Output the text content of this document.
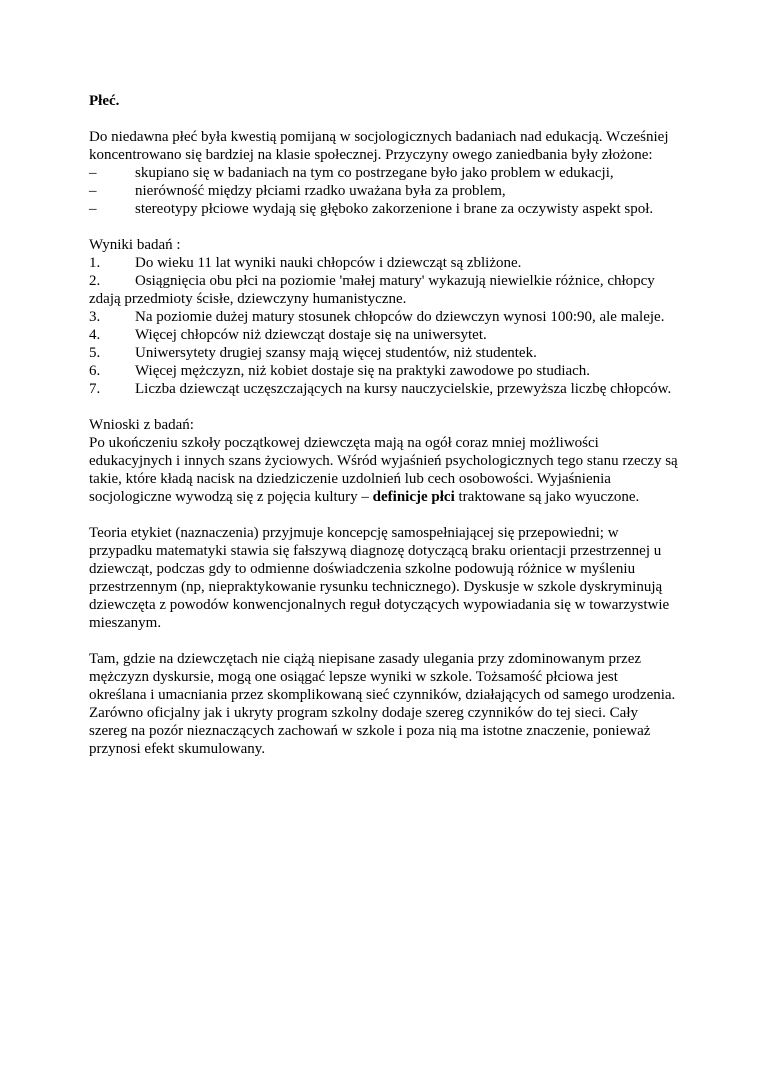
Płeć.

Do niedawna płeć była kwestią pomijaną w socjologicznych badaniach nad edukacją. Wcześniej koncentrowano się bardziej na klasie społecznej. Przyczyny owego zaniedbania były złożone:

–	skupiano się w badaniach na tym co postrzegane było jako problem w edukacji,
–	nierówność między płciami rzadko uważana była za problem,
–	stereotypy płciowe wydają się głęboko zakorzenione i brane za oczywisty aspekt społ.

Wyniki badań :

1. Do wieku 11 lat wyniki nauki chłopców i dziewcząt są zbliżone.
2. Osiągnięcia obu płci na poziomie 'małej matury' wykazują niewielkie różnice, chłopcy zdają przedmioty ścisłe, dziewczyny humanistyczne.
3. Na poziomie dużej matury stosunek chłopców do dziewczyn wynosi 100:90, ale maleje.
4. Więcej chłopców niż dziewcząt dostaje się na uniwersytet.
5. Uniwersytety drugiej szansy mają więcej studentów, niż studentek.
6. Więcej mężczyzn, niż kobiet dostaje się na praktyki zawodowe po studiach.
7. Liczba dziewcząt uczęszczających na kursy nauczycielskie, przewyższa liczbę chłopców.

Wnioski z badań:

Po ukończeniu szkoły początkowej dziewczęta mają na ogół coraz mniej możliwości edukacyjnych i innych szans życiowych. Wśród wyjaśnień psychologicznych tego stanu rzeczy są takie, które kładą nacisk na dziedziczenie uzdolnień lub cech osobowości. Wyjaśnienia socjologiczne wywodzą się z pojęcia kultury – definicje płci traktowane są jako wyuczone.

Teoria etykiet (naznaczenia) przyjmuje koncepcję samospełniającej się przepowiedni; w przypadku matematyki stawia się fałszywą diagnozę dotyczącą braku orientacji przestrzennej u dziewcząt, podczas gdy to odmienne doświadczenia szkolne podowują różnice w myśleniu przestrzennym (np, niepraktykowanie rysunku technicznego). Dyskusje w szkole dyskryminują dziewczęta z powodów konwencjonalnych reguł dotyczących wypowiadania się w towarzystwie mieszanym.

Tam, gdzie na dziewczętach nie ciążą niepisane zasady ulegania przy zdominowanym przez mężczyzn dyskursie, mogą one osiągać lepsze wyniki w szkole. Tożsamość płciowa jest określana i umacniania przez skomplikowaną sieć czynników, działających od samego urodzenia. Zarówno oficjalny jak i ukryty program szkolny dodaje szereg czynników do tej sieci. Cały szereg na pozór nieznaczących zachowań w szkole i poza nią ma istotne znaczenie, ponieważ przynosi efekt skumulowany.
